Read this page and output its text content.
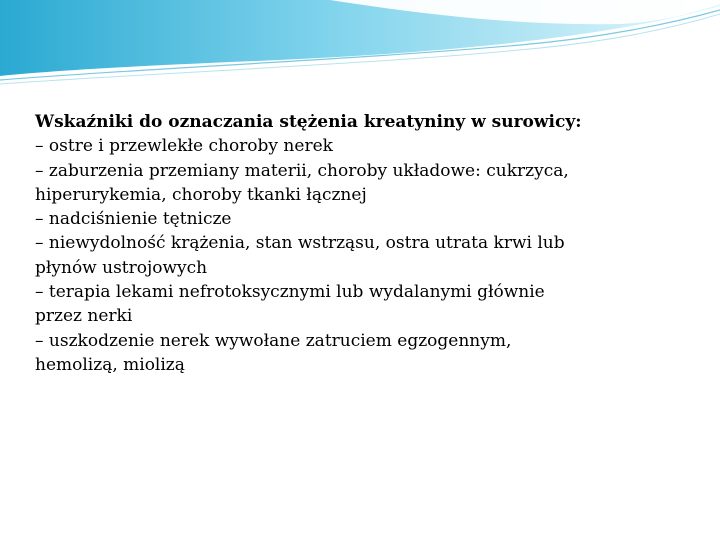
Wskaźniki do oznaczania stężenia kreatyniny w surowicy:

– ostre i przewlekłe choroby nerek

– zaburzenia przemiany materii, choroby układowe: cukrzyca, hiperurykemia, choroby tkanki łącznej

– nadciśnienie tętnicze

– niewydolność krążenia, stan wstrząsu, ostra utrata krwi lub płynów ustrojowych

– terapia lekami nefrotoksycznymi lub wydalanymi głównie przez nerki

– uszkodzenie nerek wywołane zatruciem egzogennym, hemolizą, miolizą
